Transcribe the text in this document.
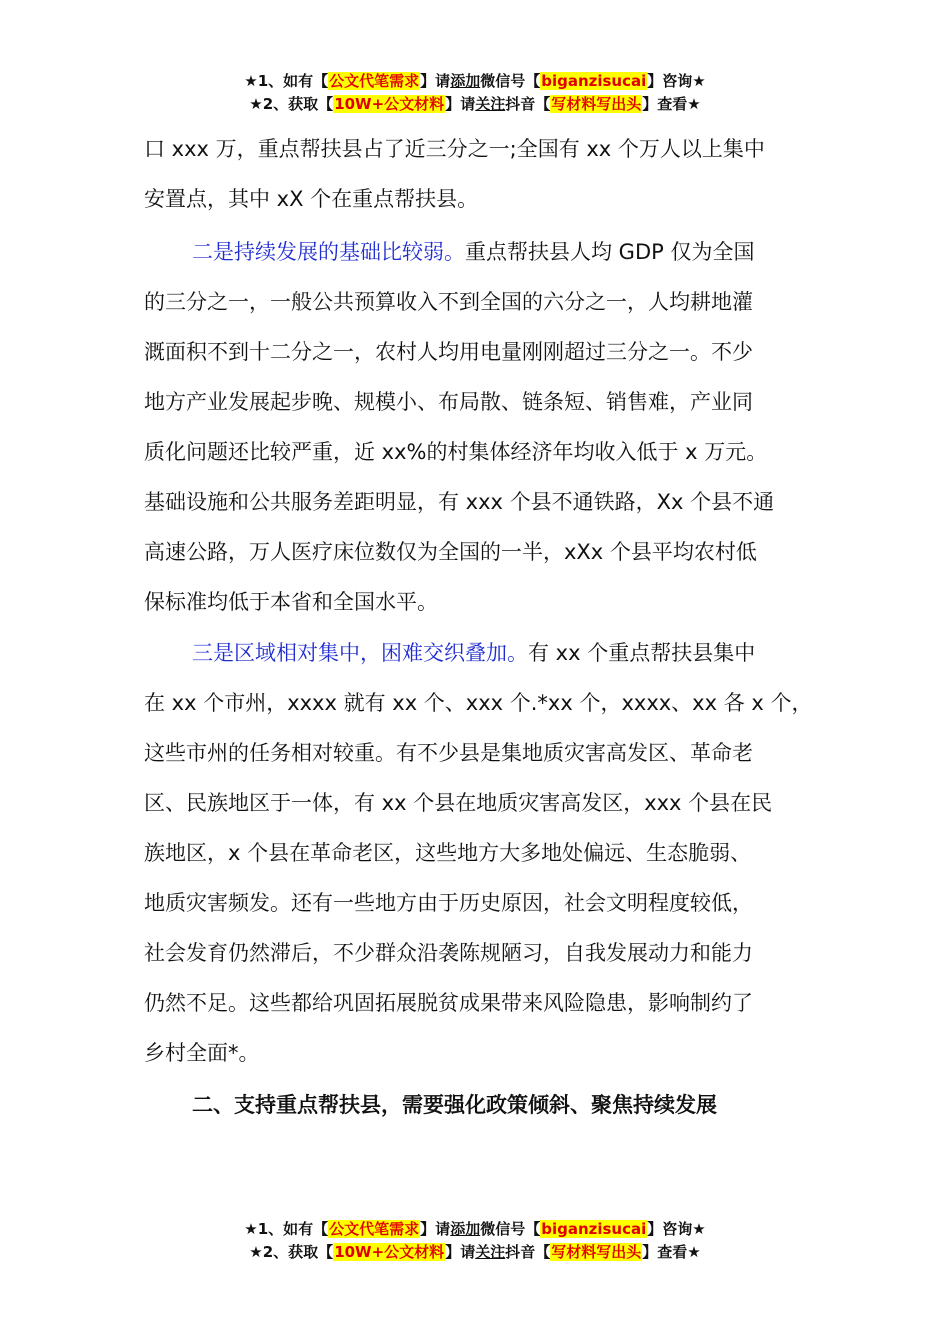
★1、如有【公文代笔需求】请添加微信号【biganzisucai】咨询★
★2、获取【10W+公文材料】请关注抖音【写材料写出头】查看★
口 xxx 万，重点帮扶县占了近三分之一;全国有 xx 个万人以上集中
安置点，其中 xX 个在重点帮扶县。
二是持续发展的基础比较弱。重点帮扶县人均 GDP 仅为全国
的三分之一，一般公共预算收入不到全国的六分之一，人均耕地灌
溉面积不到十二分之一，农村人均用电量刚刚超过三分之一。不少
地方产业发展起步晚、规模小、布局散、链条短、销售难，产业同
质化问题还比较严重，近 xx%的村集体经济年均收入低于 x 万元。
基础设施和公共服务差距明显，有 xxx 个县不通铁路，Xx 个县不通
高速公路，万人医疗床位数仅为全国的一半，xXx 个县平均农村低
保标准均低于本省和全国水平。
三是区域相对集中，困难交织叠加。有 xx 个重点帮扶县集中
在 xx 个市州，xxxx 就有 xx 个、xxx 个.*xx 个，xxxx、xx 各 x 个，
这些市州的任务相对较重。有不少县是集地质灾害高发区、革命老
区、民族地区于一体，有 xx 个县在地质灾害高发区，xxx 个县在民
族地区，x 个县在革命老区，这些地方大多地处偏远、生态脆弱、
地质灾害频发。还有一些地方由于历史原因，社会文明程度较低，
社会发育仍然滞后，不少群众沿袭陈规陋习，自我发展动力和能力
仍然不足。这些都给巩固拓展脱贫成果带来风险隐患，影响制约了
乡村全面*。
二、支持重点帮扶县，需要强化政策倾斜、聚焦持续发展
★1、如有【公文代笔需求】请添加微信号【biganzisucai】咨询★
★2、获取【10W+公文材料】请关注抖音【写材料写出头】查看★
